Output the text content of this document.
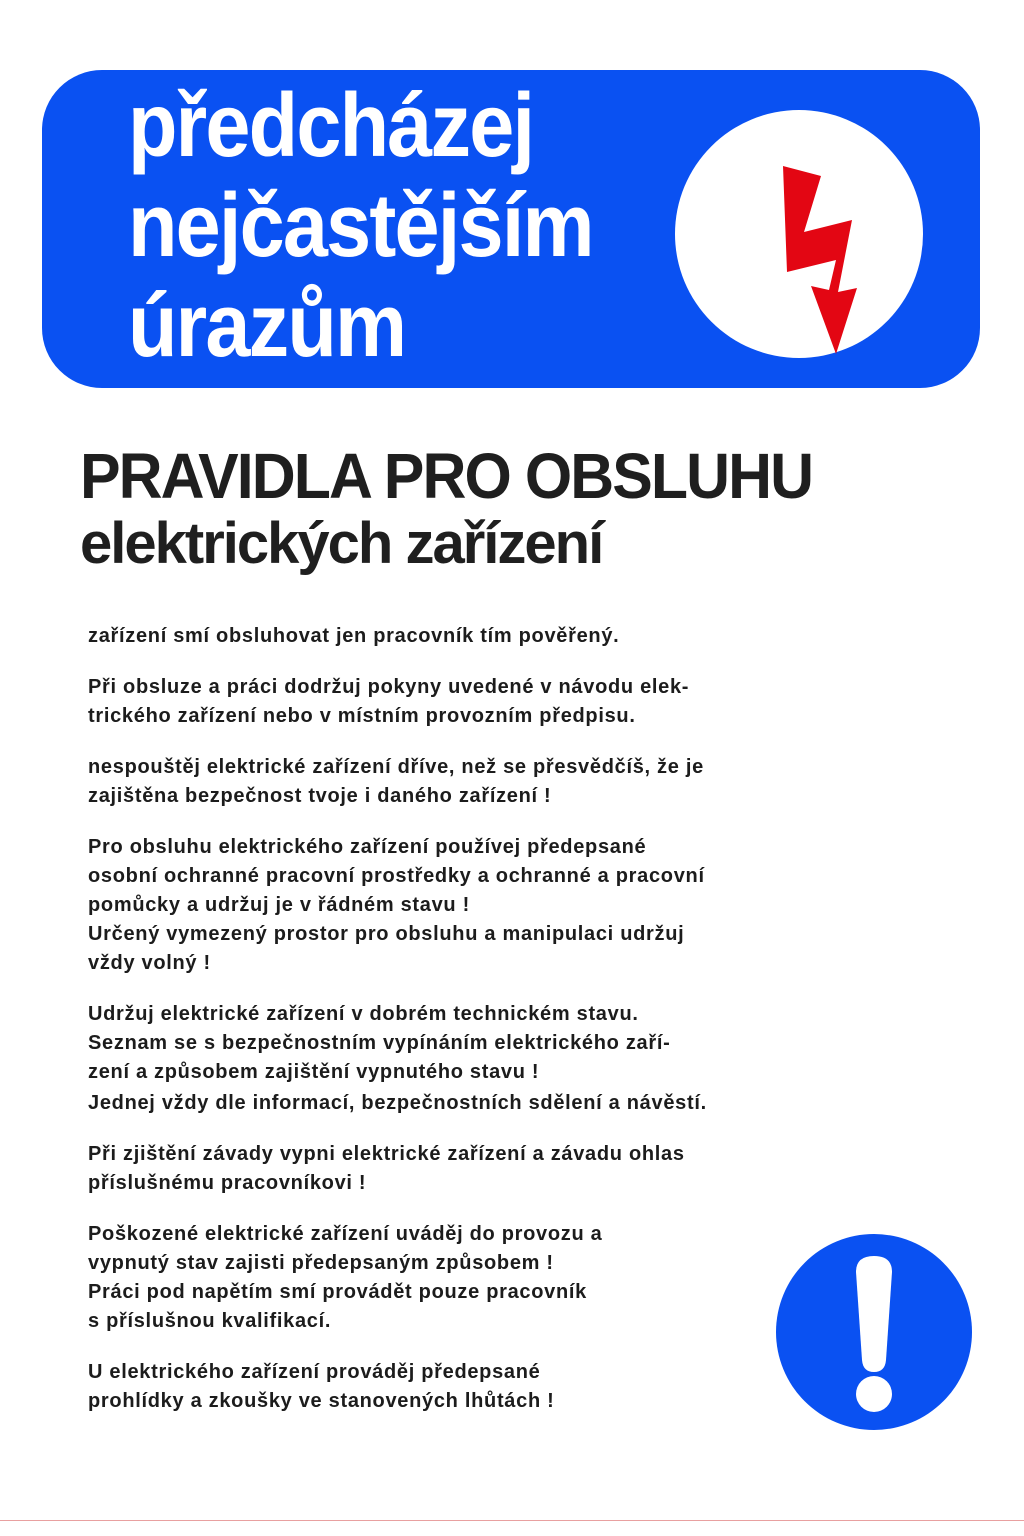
předcházej
nejčastějším
úrazům
PRAVIDLA PRO OBSLUHU
elektrických zařízení
zařízení smí obsluhovat jen pracovník tím pověřený.
Při obsluze a práci dodržuj pokyny uvedené v návodu elek-
trického zařízení nebo v místním provozním předpisu.
nespouštěj elektrické zařízení dříve, než se přesvědčíš, že je
zajištěna bezpečnost tvoje i daného zařízení !
Pro obsluhu elektrického zařízení používej předepsané
osobní ochranné pracovní prostředky a ochranné a pracovní
pomůcky a udržuj je v řádném stavu !
Určený vymezený prostor pro obsluhu a manipulaci udržuj
vždy volný !
Udržuj elektrické zařízení v dobrém technickém stavu.
Seznam se s bezpečnostním vypínáním elektrického zaří-
zení a způsobem zajištění vypnutého stavu !
Jednej vždy dle informací, bezpečnostních sdělení a návěstí.
Při zjištění závady vypni elektrické zařízení a závadu ohlas
příslušnému pracovníkovi !
Poškozené elektrické zařízení uváděj do provozu a
vypnutý stav zajisti předepsaným způsobem !
Práci pod napětím smí provádět pouze pracovník
s příslušnou kvalifikací.
U elektrického zařízení prováděj předepsané
prohlídky a zkoušky ve stanovených lhůtách !
